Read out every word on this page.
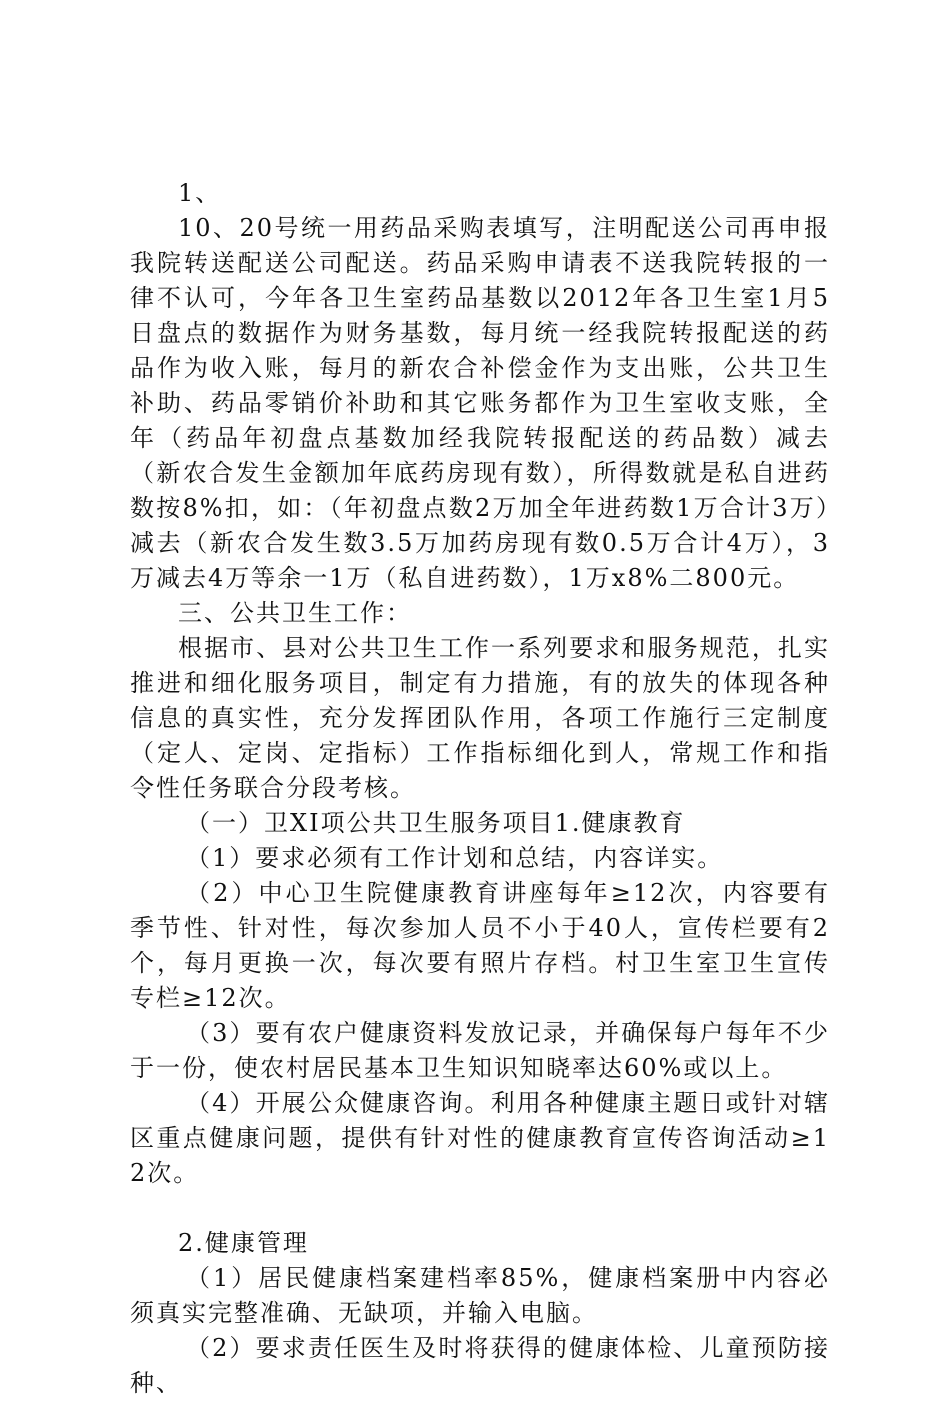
1、

10、20号统一用药品采购表填写，注明配送公司再申报我院转送配送公司配送。药品采购申请表不送我院转报的一律不认可，今年各卫生室药品基数以2012年各卫生室1月5日盘点的数据作为财务基数，每月统一经我院转报配送的药品作为收入账，每月的新农合补偿金作为支出账，公共卫生补助、药品零销价补助和其它账务都作为卫生室收支账，全年（药品年初盘点基数加经我院转报配送的药品数）减去（新农合发生金额加年底药房现有数），所得数就是私自进药数按8%扣，如：（年初盘点数2万加全年进药数1万合计3万）减去（新农合发生数3.5万加药房现有数0.5万合计4万），3万减去4万等余一1万（私自进药数），1万x8%二800元。

三、公共卫生工作：

根据市、县对公共卫生工作一系列要求和服务规范，扎实推进和细化服务项目，制定有力措施，有的放失的体现各种信息的真实性，充分发挥团队作用，各项工作施行三定制度（定人、定岗、定指标）工作指标细化到人，常规工作和指令性任务联合分段考核。

（一）卫XI项公共卫生服务项目1.健康教育

（1）要求必须有工作计划和总结，内容详实。

（2）中心卫生院健康教育讲座每年≥12次，内容要有季节性、针对性，每次参加人员不小于40人，宣传栏要有2个，每月更换一次，每次要有照片存档。村卫生室卫生宣传专栏≥12次。

（3）要有农户健康资料发放记录，并确保每户每年不少于一份，使农村居民基本卫生知识知晓率达60%或以上。

（4）开展公众健康咨询。利用各种健康主题日或针对辖区重点健康问题，提供有针对性的健康教育宣传咨询活动≥12次。

2.健康管理

（1）居民健康档案建档率85%，健康档案册中内容必须真实完整准确、无缺项，并输入电脑。

（2）要求责任医生及时将获得的健康体检、儿童预防接种、
